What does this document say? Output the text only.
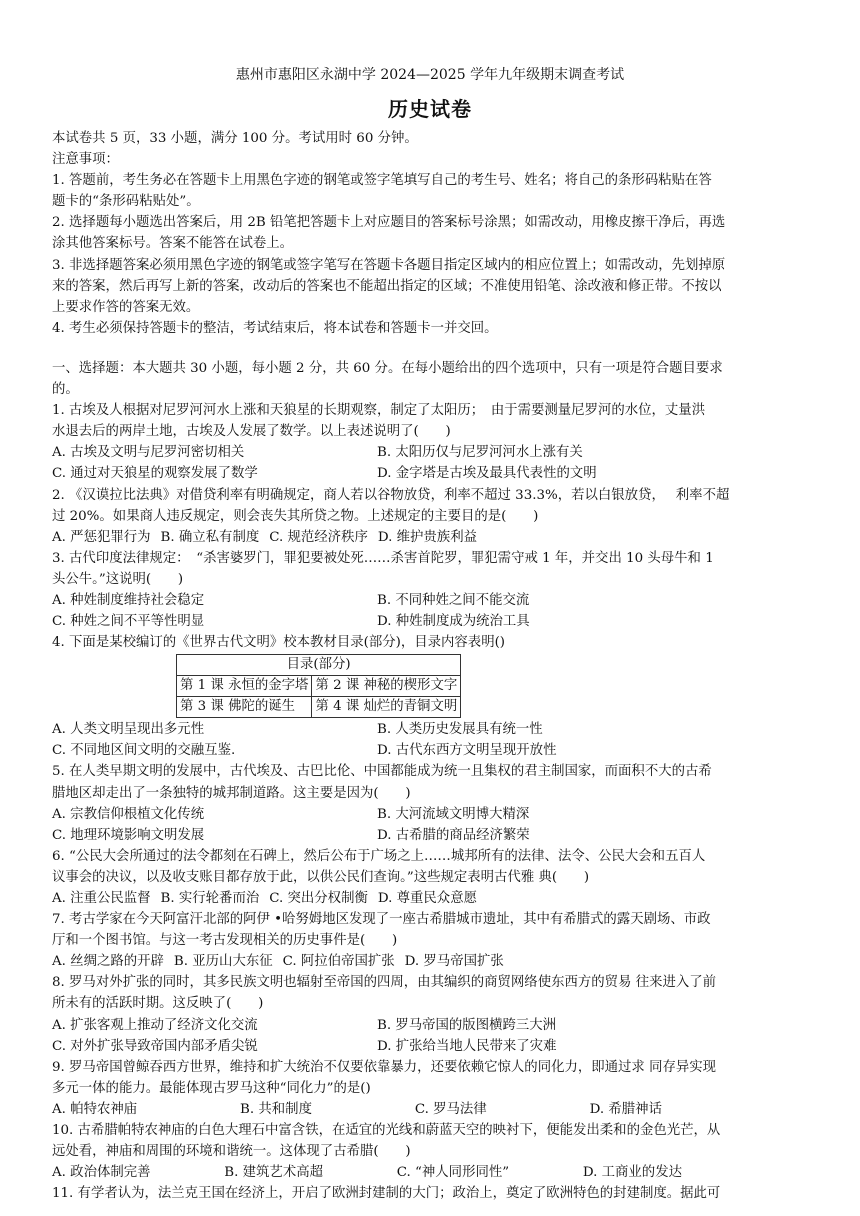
惠州市惠阳区永湖中学 2024—2025 学年九年级期末调查考试
历史试卷
本试卷共 5 页，33 小题，满分 100 分。考试用时 60 分钟。
注意事项：
1. 答题前，考生务必在答题卡上用黑色字迹的钢笔或签字笔填写自己的考生号、姓名；将自己的条形码粘贴在答
题卡的“条形码粘贴处”。
2. 选择题每小题选出答案后，用 2B 铅笔把答题卡上对应题目的答案标号涂黑；如需改动，用橡皮擦干净后，再选
涂其他答案标号。答案不能答在试卷上。
3. 非选择题答案必须用黑色字迹的钢笔或签字笔写在答题卡各题目指定区域内的相应位置上；如需改动，先划掉原
来的答案，然后再写上新的答案，改动后的答案也不能超出指定的区域；不准使用铅笔、涂改液和修正带。不按以
上要求作答的答案无效。
4. 考生必须保持答题卡的整洁，考试结束后，将本试卷和答题卡一并交回。
一、选择题：本大题共 30 小题，每小题 2 分，共 60 分。在每小题给出的四个选项中，只有一项是符合题目要求
的。
1. 古埃及人根据对尼罗河河水上涨和天狼星的长期观察，制定了太阳历；　由于需要测量尼罗河的水位，丈量洪
水退去后的两岸土地，古埃及人发展了数学。以上表述说明了(　　)
A. 古埃及文明与尼罗河密切相关	B. 太阳历仅与尼罗河河水上涨有关
C. 通过对天狼星的观察发展了数学	D. 金字塔是古埃及最具代表性的文明
2. 《汉谟拉比法典》对借贷利率有明确规定，商人若以谷物放贷，利率不超过 33.3%，若以白银放贷，　 利率不超
过 20%。如果商人违反规定，则会丧失其所贷之物。上述规定的主要目的是(　　)
A. 严惩犯罪行为 B. 确立私有制度 C. 规范经济秩序 D. 维护贵族利益
3. 古代印度法律规定：　“杀害婆罗门，罪犯要被处死……杀害首陀罗，罪犯需守戒 1 年，并交出 10 头母牛和 1
头公牛。”这说明(　　)
A. 种姓制度维持社会稳定	B. 不同种姓之间不能交流
C. 种姓之间不平等性明显	D. 种姓制度成为统治工具
4. 下面是某校编订的《世界古代文明》校本教材目录(部分)，目录内容表明()
目录(部分)	
第 1 课 永恒的金字塔	第 2 课 神秘的楔形文字
第 3 课 佛陀的诞生	第 4 课 灿烂的青铜文明
A. 人类文明呈现出多元性	B. 人类历史发展具有统一性
C. 不同地区间文明的交融互鉴.	D. 古代东西方文明呈现开放性
5. 在人类早期文明的发展中，古代埃及、古巴比伦、中国都能成为统一且集权的君主制国家，而面积不大的古希
腊地区却走出了一条独特的城邦制道路。这主要是因为(　　)
A. 宗教信仰根植文化传统	B. 大河流域文明博大精深
C. 地理环境影响文明发展	D. 古希腊的商品经济繁荣
6. “公民大会所通过的法令都刻在石碑上，然后公布于广场之上……城邦所有的法律、法令、公民大会和五百人
议事会的决议，以及收支账目都存放于此，以供公民们查询。”这些规定表明古代雅 典(　　)
A. 注重公民监督 B. 实行轮番而治 C. 突出分权制衡 D. 尊重民众意愿
7. 考古学家在今天阿富汗北部的阿伊 •哈努姆地区发现了一座古希腊城市遗址，其中有希腊式的露天剧场、市政
厅和一个图书馆。与这一考古发现相关的历史事件是(　　)
A. 丝绸之路的开辟 B. 亚历山大东征 C. 阿拉伯帝国扩张 D. 罗马帝国扩张
8. 罗马对外扩张的同时，其多民族文明也辐射至帝国的四周，由其编织的商贸网络使东西方的贸易 往来进入了前
所未有的活跃时期。这反映了(　　)
A. 扩张客观上推动了经济文化交流	B. 罗马帝国的版图横跨三大洲
C. 对外扩张导致帝国内部矛盾尖锐	D. 扩张给当地人民带来了灾难
9. 罗马帝国曾鲸吞西方世界，维持和扩大统治不仅要依靠暴力，还要依赖它惊人的同化力，即通过求 同存异实现
多元一体的能力。最能体现古罗马这种“同化力”的是()
A. 帕特农神庙	B. 共和制度	C. 罗马法律	D. 希腊神话
10. 古希腊帕特农神庙的白色大理石中富含铁，在适宜的光线和蔚蓝天空的映衬下，便能发出柔和的金色光芒，从
远处看，神庙和周围的环境和谐统一。这体现了古希腊(　　)
A. 政治体制完善	B. 建筑艺术高超	C. “神人同形同性”	D. 工商业的发达
11. 有学者认为，法兰克王国在经济上，开启了欧洲封建制的大门；政治上，奠定了欧洲特色的封建制度。据此可
